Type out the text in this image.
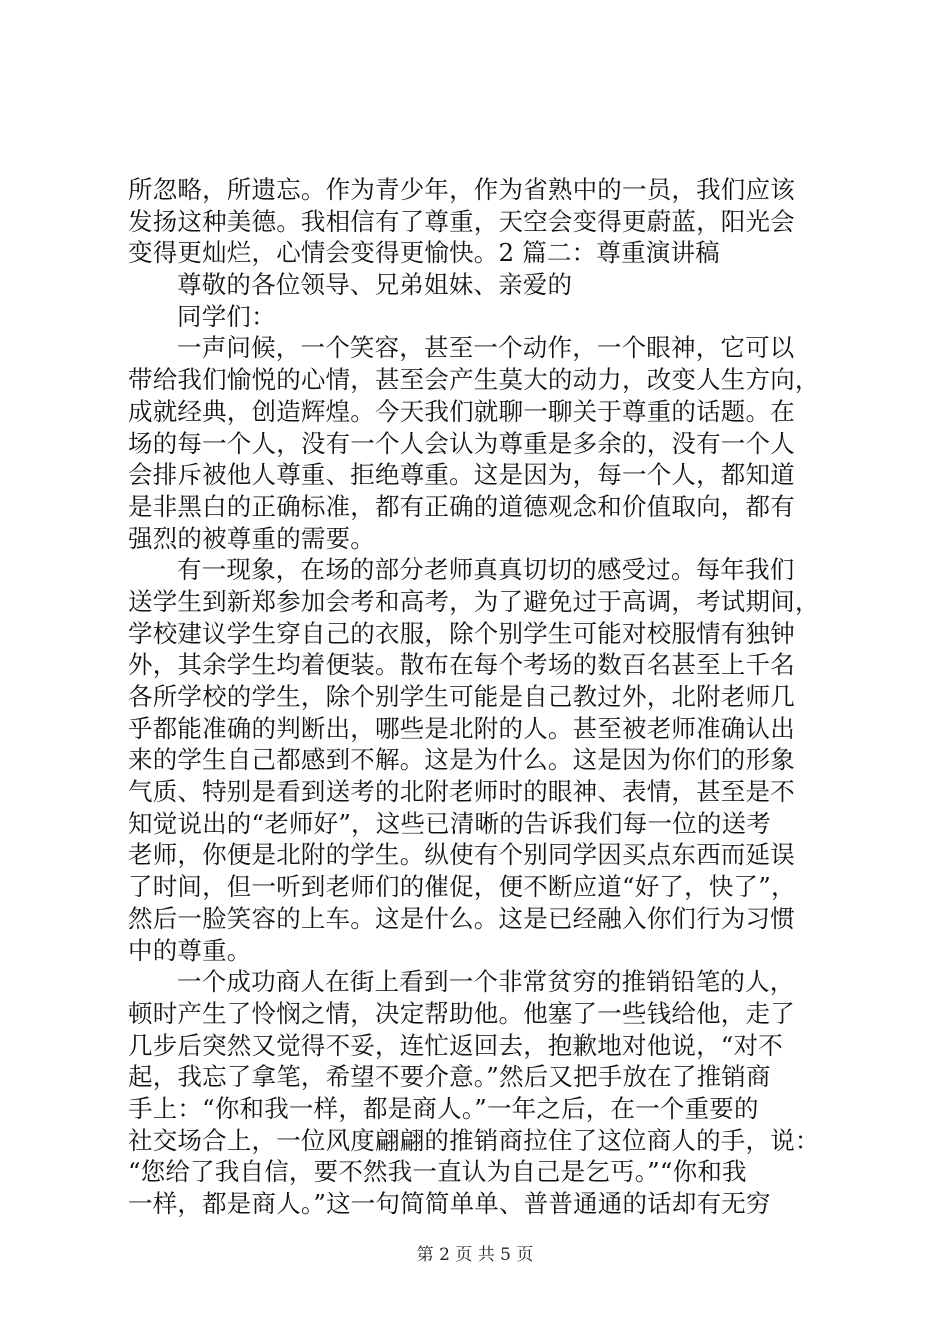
所忽略，所遗忘。作为青少年，作为省熟中的一员，我们应该
发扬这种美德。我相信有了尊重，天空会变得更蔚蓝，阳光会
变得更灿烂，心情会变得更愉快。2 篇二：尊重演讲稿
尊敬的各位领导、兄弟姐妹、亲爱的
同学们：
一声问候，一个笑容，甚至一个动作，一个眼神，它可以
带给我们愉悦的心情，甚至会产生莫大的动力，改变人生方向，
成就经典，创造辉煌。今天我们就聊一聊关于尊重的话题。在
场的每一个人，没有一个人会认为尊重是多余的，没有一个人
会排斥被他人尊重、拒绝尊重。这是因为，每一个人，都知道
是非黑白的正确标准，都有正确的道德观念和价值取向，都有
强烈的被尊重的需要。
有一现象，在场的部分老师真真切切的感受过。每年我们
送学生到新郑参加会考和高考，为了避免过于高调，考试期间，
学校建议学生穿自己的衣服，除个别学生可能对校服情有独钟
外，其余学生均着便装。散布在每个考场的数百名甚至上千名
各所学校的学生，除个别学生可能是自己教过外，北附老师几
乎都能准确的判断出，哪些是北附的人。甚至被老师准确认出
来的学生自己都感到不解。这是为什么。这是因为你们的形象
气质、特别是看到送考的北附老师时的眼神、表情，甚至是不
知觉说出的“老师好”，这些已清晰的告诉我们每一位的送考
老师，你便是北附的学生。纵使有个别同学因买点东西而延误
了时间，但一听到老师们的催促，便不断应道“好了，快了”，
然后一脸笑容的上车。这是什么。这是已经融入你们行为习惯
中的尊重。
一个成功商人在街上看到一个非常贫穷的推销铅笔的人，
顿时产生了怜悯之情，决定帮助他。他塞了一些钱给他，走了
几步后突然又觉得不妥，连忙返回去，抱歉地对他说，“对不
起，我忘了拿笔，希望不要介意。”然后又把手放在了推销商
手上：“你和我一样，都是商人。”一年之后，在一个重要的
社交场合上，一位风度翩翩的推销商拉住了这位商人的手，说：
“您给了我自信，要不然我一直认为自己是乞丐。”“你和我
一样，都是商人。”这一句简简单单、普普通通的话却有无穷
第 2 页 共 5 页
